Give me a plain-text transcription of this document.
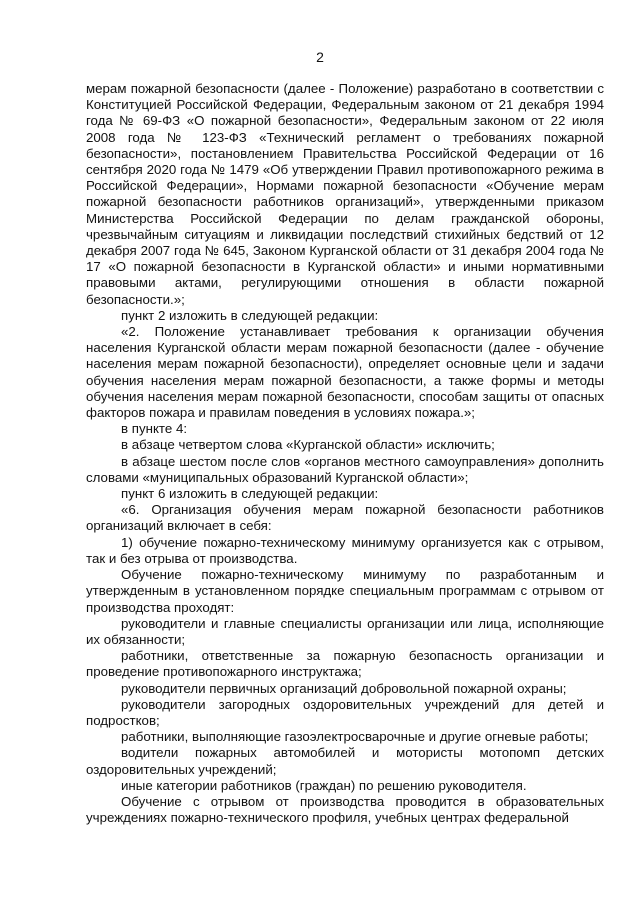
2

мерам пожарной безопасности (далее - Положение) разработано в соответствии с Конституцией Российской Федерации, Федеральным законом от 21 декабря 1994 года № 69-ФЗ «О пожарной безопасности», Федеральным законом от 22 июля 2008 года № 123-ФЗ «Технический регламент о требованиях пожарной безопасности», постановлением Правительства Российской Федерации от 16 сентября 2020 года № 1479 «Об утверждении Правил противопожарного режима в Российской Федерации», Нормами пожарной безопасности «Обучение мерам пожарной безопасности работников организаций», утвержденными приказом Министерства Российской Федерации по делам гражданской обороны, чрезвычайным ситуациям и ликвидации последствий стихийных бедствий от 12 декабря 2007 года № 645, Законом Курганской области от 31 декабря 2004 года № 17 «О пожарной безопасности в Курганской области» и иными нормативными правовыми актами, регулирующими отношения в области пожарной безопасности.»;

пункт 2 изложить в следующей редакции:

«2. Положение устанавливает требования к организации обучения населения Курганской области мерам пожарной безопасности (далее - обучение населения мерам пожарной безопасности), определяет основные цели и задачи обучения населения мерам пожарной безопасности, а также формы и методы обучения населения мерам пожарной безопасности, способам защиты от опасных факторов пожара и правилам поведения в условиях пожара.»;

в пункте 4:

в абзаце четвертом слова «Курганской области» исключить;

в абзаце шестом после слов «органов местного самоуправления» дополнить словами «муниципальных образований Курганской области»;

пункт 6 изложить в следующей редакции:

«6. Организация обучения мерам пожарной безопасности работников организаций включает в себя:

1) обучение пожарно-техническому минимуму организуется как с отрывом, так и без отрыва от производства.

Обучение пожарно-техническому минимуму по разработанным и утвержденным в установленном порядке специальным программам с отрывом от производства проходят:

руководители и главные специалисты организации или лица, исполняющие их обязанности;

работники, ответственные за пожарную безопасность организации и проведение противопожарного инструктажа;

руководители первичных организаций добровольной пожарной охраны;

руководители загородных оздоровительных учреждений для детей и подростков;

работники, выполняющие газоэлектросварочные и другие огневые работы;

водители пожарных автомобилей и мотористы мотопомп детских оздоровительных учреждений;

иные категории работников (граждан) по решению руководителя.

Обучение с отрывом от производства проводится в образовательных учреждениях пожарно-технического профиля, учебных центрах федеральной
